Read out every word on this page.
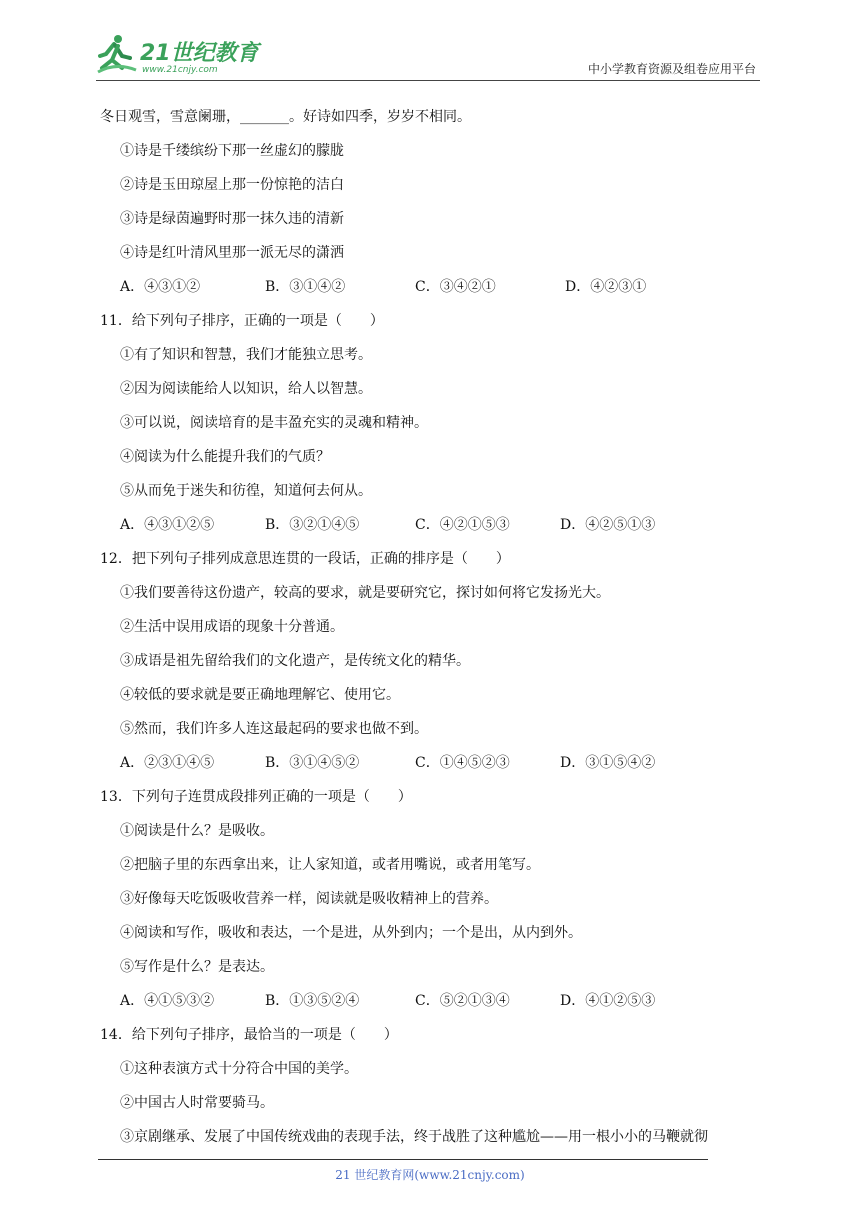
21世纪教育
www.21cnjy.com	中小学教育资源及组卷应用平台
冬日观雪，雪意阑珊，_______。好诗如四季，岁岁不相同。
①诗是千缕缤纷下那一丝虚幻的朦胧
②诗是玉田琼屋上那一份惊艳的洁白
③诗是绿茵遍野时那一抹久违的清新
④诗是红叶清风里那一派无尽的潇洒
A．④③①②	B．③①④②	C．③④②①	D．④②③①
11．给下列句子排序，正确的一项是（　　）
①有了知识和智慧，我们才能独立思考。
②因为阅读能给人以知识，给人以智慧。
③可以说，阅读培育的是丰盈充实的灵魂和精神。
④阅读为什么能提升我们的气质？
⑤从而免于迷失和彷徨，知道何去何从。
A．④③①②⑤	B．③②①④⑤	C．④②①⑤③	D．④②⑤①③
12．把下列句子排列成意思连贯的一段话，正确的排序是（　　）
①我们要善待这份遗产，较高的要求，就是要研究它，探讨如何将它发扬光大。
②生活中误用成语的现象十分普通。
③成语是祖先留给我们的文化遗产，是传统文化的精华。
④较低的要求就是要正确地理解它、使用它。
⑤然而，我们许多人连这最起码的要求也做不到。
A．②③①④⑤	B．③①④⑤②	C．①④⑤②③	D．③①⑤④②
13．下列句子连贯成段排列正确的一项是（　　）
①阅读是什么？是吸收。
②把脑子里的东西拿出来，让人家知道，或者用嘴说，或者用笔写。
③好像每天吃饭吸收营养一样，阅读就是吸收精神上的营养。
④阅读和写作，吸收和表达，一个是进，从外到内；一个是出，从内到外。
⑤写作是什么？是表达。
A．④①⑤③②	B．①③⑤②④	C．⑤②①③④	D．④①②⑤③
14．给下列句子排序，最恰当的一项是（　　）
①这种表演方式十分符合中国的美学。
②中国古人时常要骑马。
③京剧继承、发展了中国传统戏曲的表现手法，终于战胜了这种尴尬——用一根小小的马鞭就彻
21 世纪教育网(www.21cnjy.com)
